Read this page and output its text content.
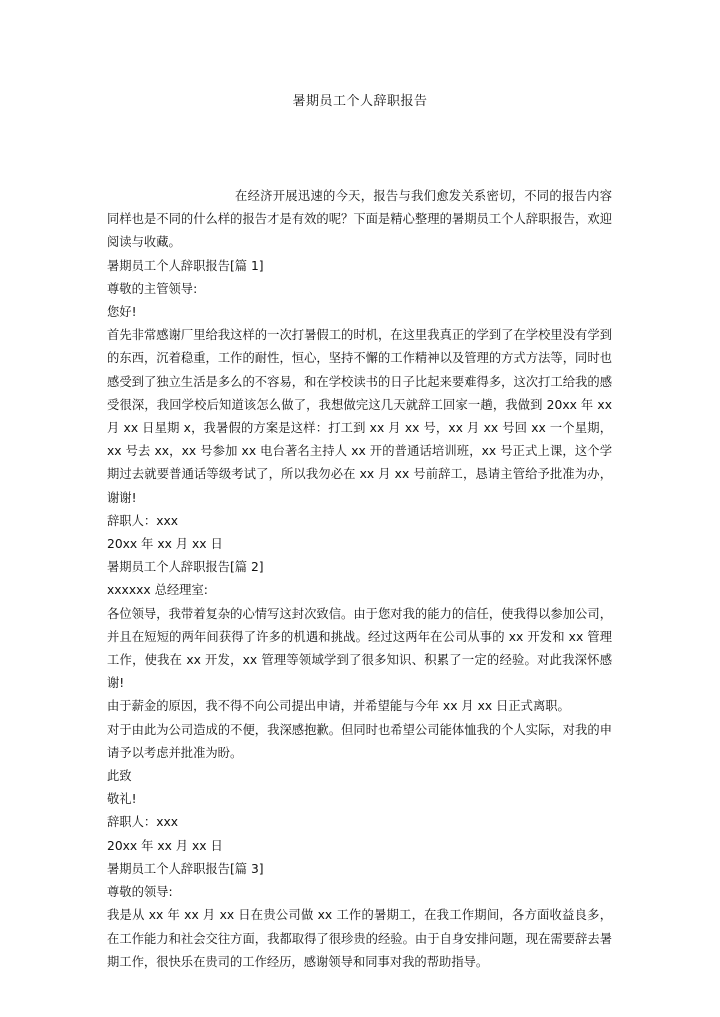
暑期员工个人辞职报告

在经济开展迅速的今天，报告与我们愈发关系密切，不同的报告内容同样也是不同的什么样的报告才是有效的呢？下面是精心整理的暑期员工个人辞职报告，欢迎阅读与收藏。

暑期员工个人辞职报告[篇 1]

尊敬的主管领导:

您好!

首先非常感谢厂里给我这样的一次打暑假工的时机，在这里我真正的学到了在学校里没有学到的东西，沉着稳重，工作的耐性，恒心，坚持不懈的工作精神以及管理的方式方法等，同时也感受到了独立生活是多么的不容易，和在学校读书的日子比起来要难得多，这次打工给我的感受很深，我回学校后知道该怎么做了，我想做完这几天就辞工回家一趟，我做到 20xx 年 xx 月 xx 日星期 x，我暑假的方案是这样：打工到 xx 月 xx 号，xx 月 xx 号回 xx 一个星期，xx 号去 xx，xx 号参加 xx 电台著名主持人 xx 开的普通话培训班，xx 号正式上课，这个学期过去就要普通话等级考试了，所以我勿必在 xx 月 xx 号前辞工，恳请主管给予批准为办，谢谢!

辞职人：xxx

20xx 年 xx 月 xx 日

暑期员工个人辞职报告[篇 2]

xxxxxx 总经理室:

各位领导，我带着复杂的心情写这封次致信。由于您对我的能力的信任，使我得以参加公司，并且在短短的两年间获得了许多的机遇和挑战。经过这两年在公司从事的 xx 开发和 xx 管理工作，使我在 xx 开发，xx 管理等领域学到了很多知识、积累了一定的经验。对此我深怀感谢!

由于薪金的原因，我不得不向公司提出申请，并希望能与今年 xx 月 xx 日正式离职。

对于由此为公司造成的不便，我深感抱歉。但同时也希望公司能体恤我的个人实际，对我的申请予以考虑并批准为盼。

此致

敬礼!

辞职人：xxx

20xx 年 xx 月 xx 日

暑期员工个人辞职报告[篇 3]

尊敬的领导:

我是从 xx 年 xx 月 xx 日在贵公司做 xx 工作的暑期工，在我工作期间，各方面收益良多，在工作能力和社会交往方面，我都取得了很珍贵的经验。由于自身安排问题，现在需要辞去暑期工作，很快乐在贵司的工作经历，感谢领导和同事对我的帮助指导。
